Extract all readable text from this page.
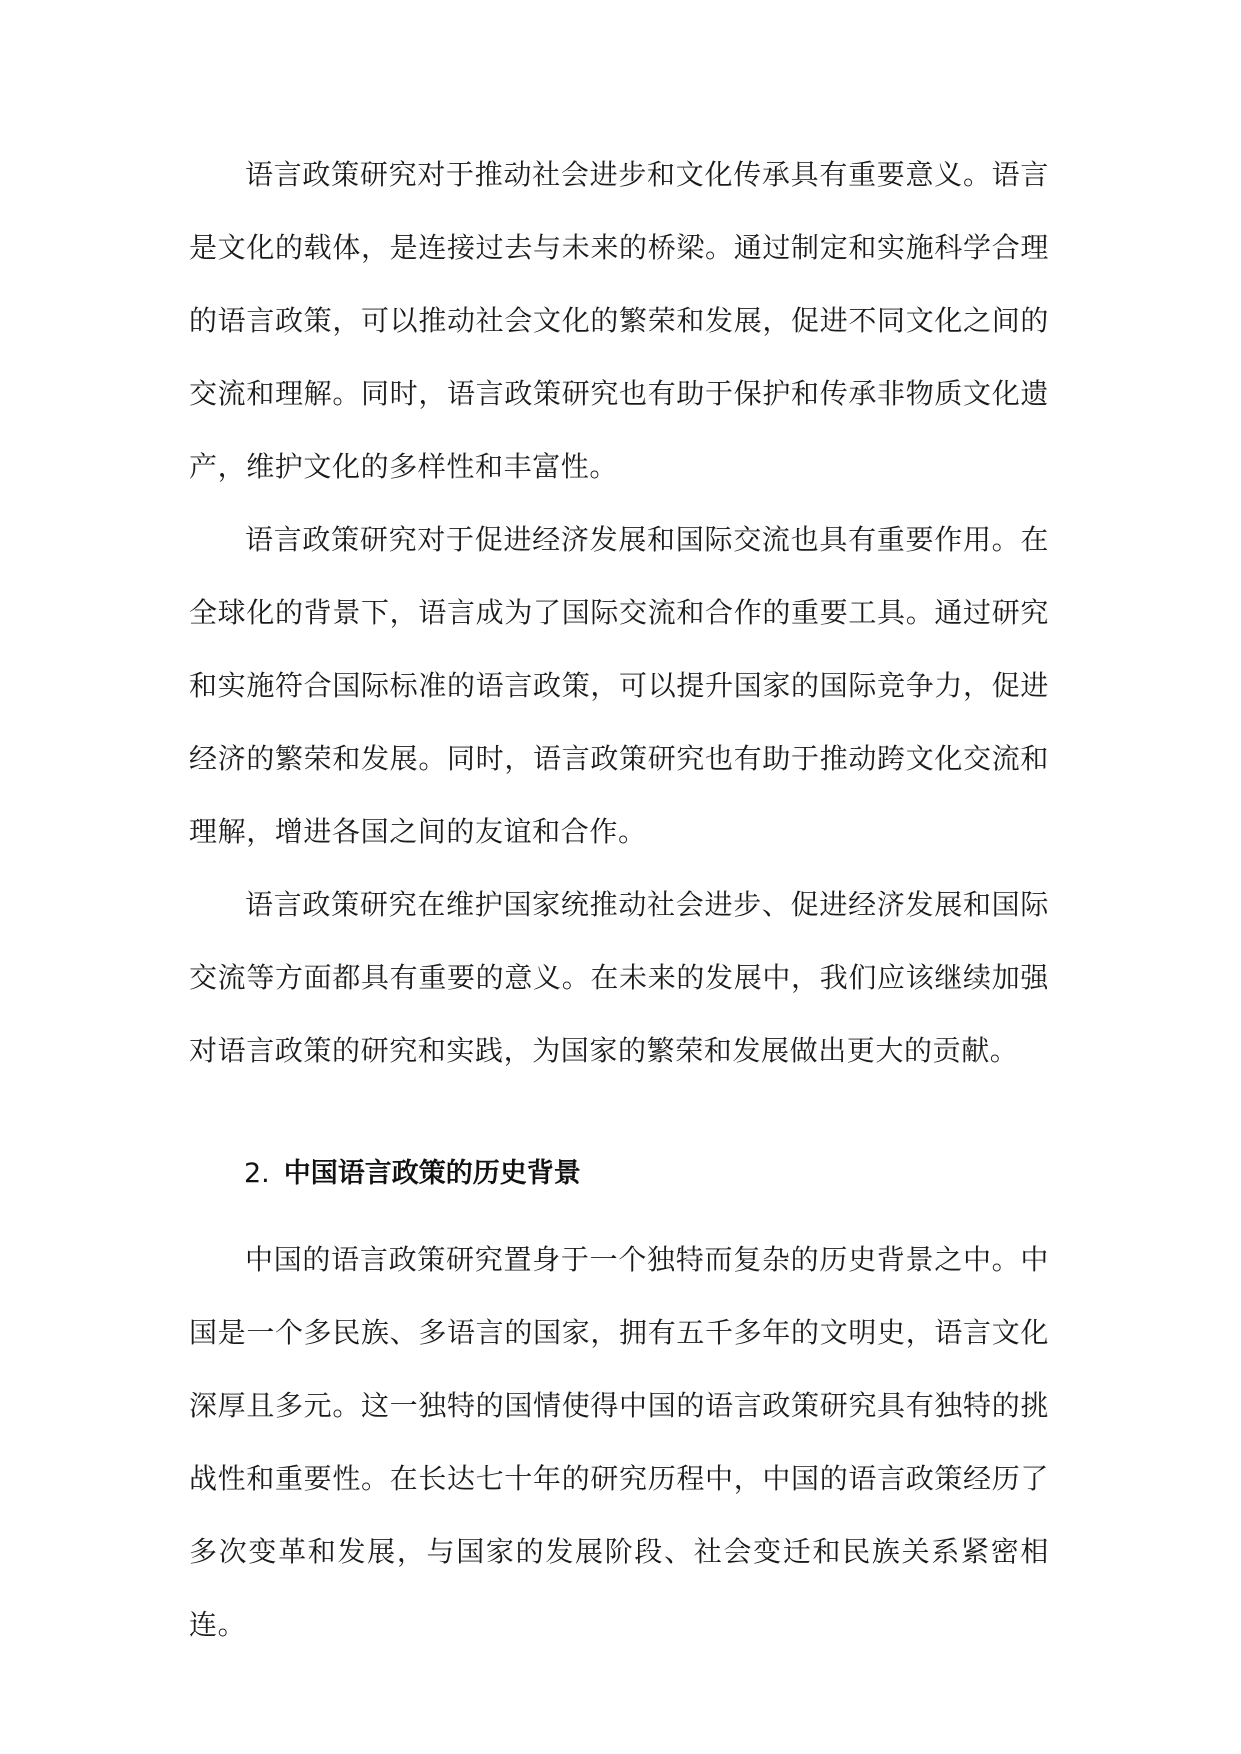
语言政策研究对于推动社会进步和文化传承具有重要意义。语言是文化的载体，是连接过去与未来的桥梁。通过制定和实施科学合理的语言政策，可以推动社会文化的繁荣和发展，促进不同文化之间的交流和理解。同时，语言政策研究也有助于保护和传承非物质文化遗产，维护文化的多样性和丰富性。

语言政策研究对于促进经济发展和国际交流也具有重要作用。在全球化的背景下，语言成为了国际交流和合作的重要工具。通过研究和实施符合国际标准的语言政策，可以提升国家的国际竞争力，促进经济的繁荣和发展。同时，语言政策研究也有助于推动跨文化交流和理解，增进各国之间的友谊和合作。

语言政策研究在维护国家统推动社会进步、促进经济发展和国际交流等方面都具有重要的意义。在未来的发展中，我们应该继续加强对语言政策的研究和实践，为国家的繁荣和发展做出更大的贡献。

2. 中国语言政策的历史背景

中国的语言政策研究置身于一个独特而复杂的历史背景之中。中国是一个多民族、多语言的国家，拥有五千多年的文明史，语言文化深厚且多元。这一独特的国情使得中国的语言政策研究具有独特的挑战性和重要性。在长达七十年的研究历程中，中国的语言政策经历了多次变革和发展，与国家的发展阶段、社会变迁和民族关系紧密相连。
